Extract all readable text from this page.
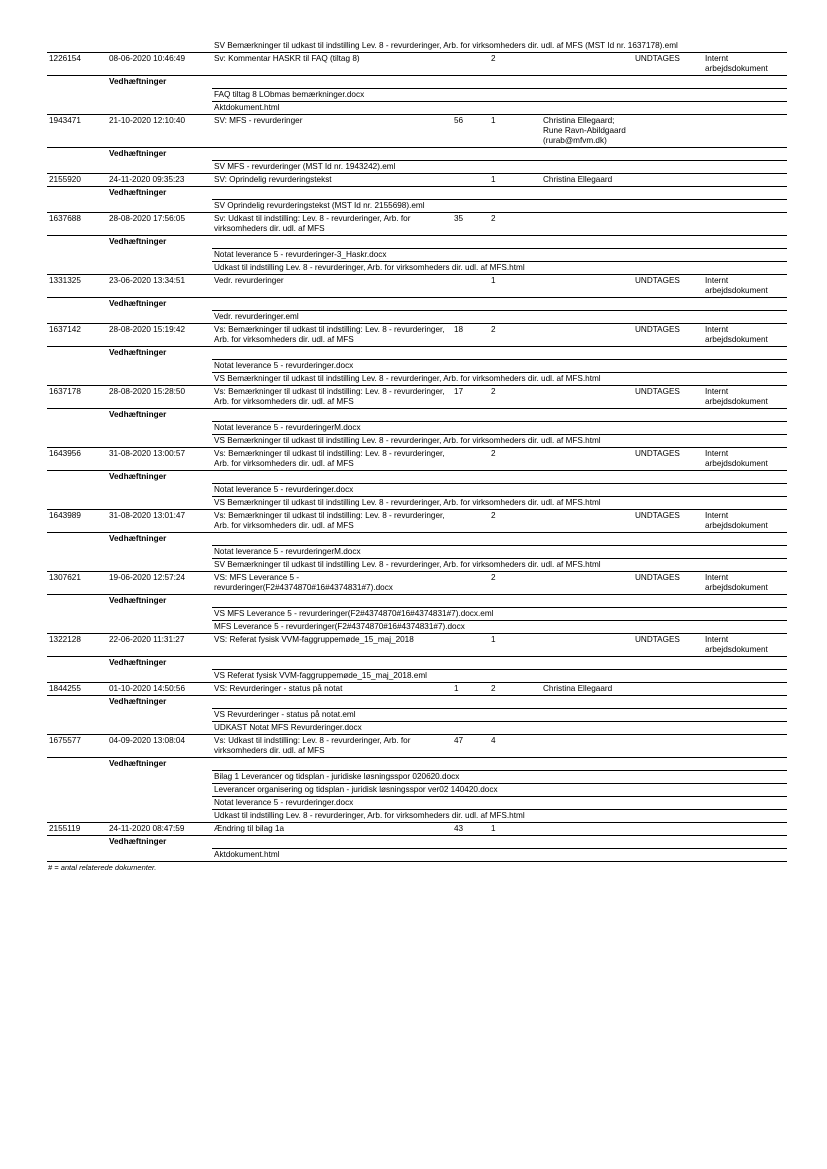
		SV Bemærkninger til udkast til indstilling Lev. 8 - revurderinger, Arb. for virksomheders dir. udl. af MFS (MST Id nr. 1637178).eml					
1226154	08-06-2020 10:46:49	Sv: Kommentar HASKR til FAQ (tiltag 8)		2		UNDTAGES	Internt arbejdsdokument
	Vedhæftninger						
		FAQ tiltag 8 LObmas bemærkninger.docx					
		Aktdokument.html					
1943471	21-10-2020 12:10:40	SV: MFS - revurderinger	56	1	Christina Ellegaard; Rune Ravn-Abildgaard (rurab@mfvm.dk)		
	Vedhæftninger						
		SV MFS - revurderinger (MST Id nr. 1943242).eml					
2155920	24-11-2020 09:35:23	SV: Oprindelig revurderingstekst		1	Christina Ellegaard		
	Vedhæftninger						
		SV Oprindelig revurderingstekst (MST Id nr. 2155698).eml					
1637688	28-08-2020 17:56:05	Sv: Udkast til indstilling: Lev. 8 - revurderinger, Arb. for virksomheders dir. udl. af MFS	35	2			
	Vedhæftninger						
		Notat leverance 5 - revurderinger-3_Haskr.docx					
		Udkast til indstilling Lev. 8 - revurderinger, Arb. for virksomheders dir. udl. af MFS.html					
1331325	23-06-2020 13:34:51	Vedr. revurderinger		1		UNDTAGES	Internt arbejdsdokument
	Vedhæftninger						
		Vedr. revurderinger.eml					
1637142	28-08-2020 15:19:42	Vs: Bemærkninger til udkast til indstilling: Lev. 8 - revurderinger, Arb. for virksomheders dir. udl. af MFS	18	2		UNDTAGES	Internt arbejdsdokument
	Vedhæftninger						
		Notat leverance 5 - revurderinger.docx					
		VS Bemærkninger til udkast til indstilling Lev. 8 - revurderinger, Arb. for virksomheders dir. udl. af MFS.html					
1637178	28-08-2020 15:28:50	Vs: Bemærkninger til udkast til indstilling: Lev. 8 - revurderinger, Arb. for virksomheders dir. udl. af MFS	17	2		UNDTAGES	Internt arbejdsdokument
	Vedhæftninger						
		Notat leverance 5 - revurderingerM.docx					
		VS Bemærkninger til udkast til indstilling Lev. 8 - revurderinger, Arb. for virksomheders dir. udl. af MFS.html					
1643956	31-08-2020 13:00:57	Vs: Bemærkninger til udkast til indstilling: Lev. 8 - revurderinger, Arb. for virksomheders dir. udl. af MFS		2		UNDTAGES	Internt arbejdsdokument
	Vedhæftninger						
		Notat leverance 5 - revurderinger.docx					
		VS Bemærkninger til udkast til indstilling Lev. 8 - revurderinger, Arb. for virksomheders dir. udl. af MFS.html					
1643989	31-08-2020 13:01:47	Vs: Bemærkninger til udkast til indstilling: Lev. 8 - revurderinger, Arb. for virksomheders dir. udl. af MFS		2		UNDTAGES	Internt arbejdsdokument
	Vedhæftninger						
		Notat leverance 5 - revurderingerM.docx					
		SV Bemærkninger til udkast til indstilling Lev. 8 - revurderinger, Arb. for virksomheders dir. udl. af MFS.html					
1307621	19-06-2020 12:57:24	VS: MFS Leverance 5 - revurderinger(F2#4374870#16#4374831#7).docx		2		UNDTAGES	Internt arbejdsdokument
	Vedhæftninger						
		VS MFS Leverance 5 - revurderinger(F2#4374870#16#4374831#7).docx.eml					
		MFS Leverance 5 - revurderinger(F2#4374870#16#4374831#7).docx					
1322128	22-06-2020 11:31:27	VS: Referat fysisk VVM-faggruppemøde_15_maj_2018		1		UNDTAGES	Internt arbejdsdokument
	Vedhæftninger						
		VS Referat fysisk VVM-faggruppemøde_15_maj_2018.eml					
1844255	01-10-2020 14:50:56	VS: Revurderinger - status på notat	1	2	Christina Ellegaard		
	Vedhæftninger						
		VS Revurderinger - status på notat.eml					
		UDKAST Notat MFS Revurderinger.docx					
1675577	04-09-2020 13:08:04	Vs: Udkast til indstilling: Lev. 8 - revurderinger, Arb. for virksomheders dir. udl. af MFS	47	4			
	Vedhæftninger						
		Bilag 1 Leverancer og tidsplan - juridiske løsningsspor 020620.docx					
		Leverancer organisering og tidsplan - juridisk løsningsspor ver02 140420.docx					
		Notat leverance 5 - revurderinger.docx					
		Udkast til indstilling Lev. 8 - revurderinger, Arb. for virksomheders dir. udl. af MFS.html					
2155119	24-11-2020 08:47:59	Ændring til bilag 1a	43	1			
	Vedhæftninger						
		Aktdokument.html					

# = antal relaterede dokumenter.
